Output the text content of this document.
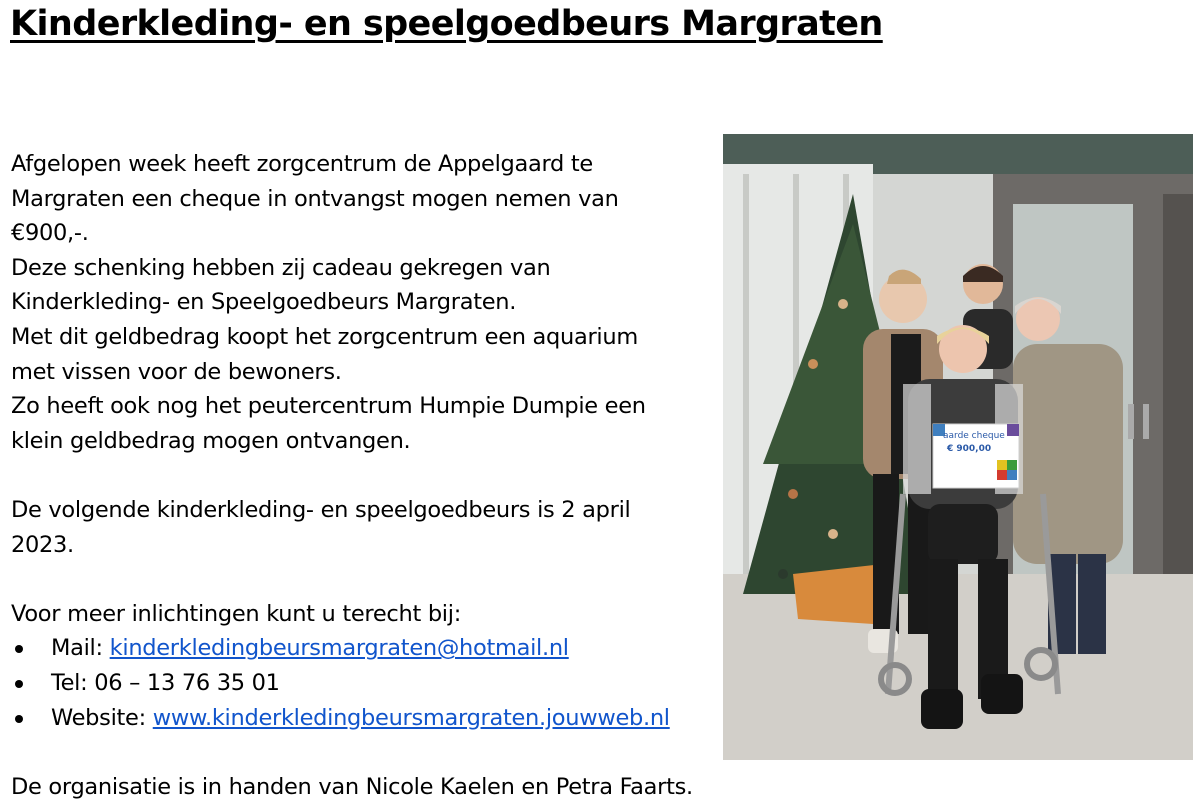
Kinderkleding- en speelgoedbeurs Margraten

Afgelopen week heeft zorgcentrum de Appelgaard te

Margraten een cheque in ontvangst mogen nemen van

€900,-.

Deze schenking hebben zij cadeau gekregen van

Kinderkleding- en Speelgoedbeurs Margraten.

Met dit geldbedrag koopt het zorgcentrum een aquarium

met vissen voor de bewoners.

Zo heeft ook nog het peutercentrum Humpie Dumpie een

klein geldbedrag mogen ontvangen.

De volgende kinderkleding- en speelgoedbeurs is 2 april

2023.

Voor meer inlichtingen kunt u terecht bij:

Mail: kinderkledingbeursmargraten@hotmail.nl
Tel: 06 – 13 76 35 01
Website: www.kinderkledingbeursmargraten.jouwweb.nl

De organisatie is in handen van Nicole Kaelen en Petra Faarts.

aarde cheque
€ 900,00
